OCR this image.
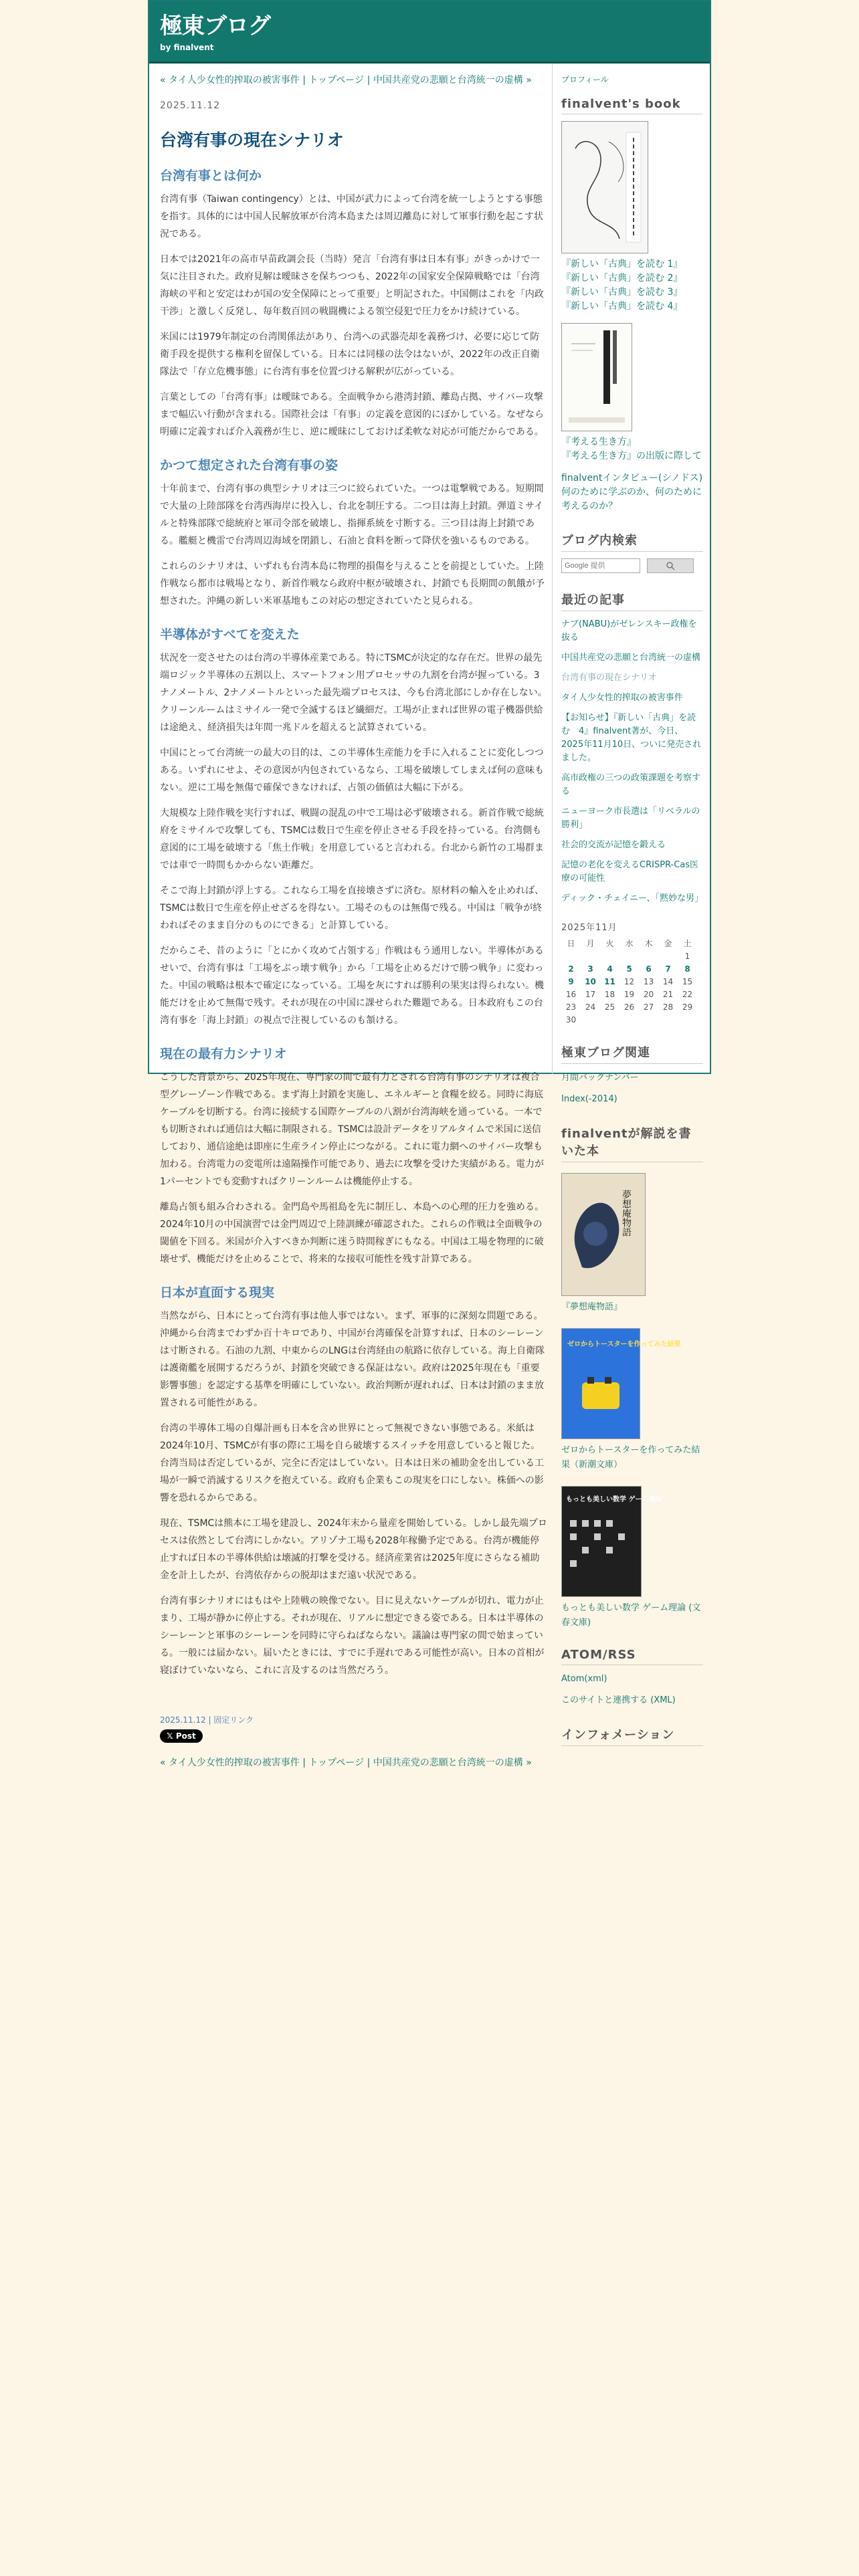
極東ブログ
by finalvent
« タイ人少女性的搾取の被害事件 | トップページ | 中国共産党の悲願と台湾統一の虚構 »
2025.11.12
台湾有事の現在シナリオ
台湾有事とは何か

台湾有事（Taiwan contingency）とは、中国が武力によって台湾を統一しようとする事態を指す。具体的には中国人民解放軍が台湾本島または周辺離島に対して軍事行動を起こす状況である。

日本では2021年の高市早苗政調会長（当時）発言「台湾有事は日本有事」がきっかけで一気に注目された。政府見解は曖昧さを保ちつつも、2022年の国家安全保障戦略では「台湾海峡の平和と安定はわが国の安全保障にとって重要」と明記された。中国側はこれを「内政干渉」と激しく反発し、毎年数百回の戦闘機による領空侵犯で圧力をかけ続けている。

米国には1979年制定の台湾関係法があり、台湾への武器売却を義務づけ、必要に応じて防衛手段を提供する権利を留保している。日本には同様の法令はないが、2022年の改正自衛隊法で「存立危機事態」に台湾有事を位置づける解釈が広がっている。

言葉としての「台湾有事」は曖昧である。全面戦争から港湾封鎖、離島占拠、サイバー攻撃まで幅広い行動が含まれる。国際社会は「有事」の定義を意図的にぼかしている。なぜなら明確に定義すれば介入義務が生じ、逆に曖昧にしておけば柔軟な対応が可能だからである。

かつて想定された台湾有事の姿

十年前まで、台湾有事の典型シナリオは三つに絞られていた。一つは電撃戦である。短期間で大量の上陸部隊を台湾西海岸に投入し、台北を制圧する。二つ目は海上封鎖。弾道ミサイルと特殊部隊で総統府と軍司令部を破壊し、指揮系統を寸断する。三つ目は海上封鎖である。艦艇と機雷で台湾周辺海域を閉鎖し、石油と食料を断って降伏を強いるものである。

これらのシナリオは、いずれも台湾本島に物理的損傷を与えることを前提としていた。上陸作戦なら都市は戦場となり、新首作戦なら政府中枢が破壊され、封鎖でも長期間の飢餓が予想された。沖縄の新しい米軍基地もこの対応の想定されていたと見られる。

半導体がすべてを変えた

状況を一変させたのは台湾の半導体産業である。特にTSMCが決定的な存在だ。世界の最先端ロジック半導体の五割以上、スマートフォン用プロセッサの九割を台湾が握っている。3ナノメートル、2ナノメートルといった最先端プロセスは、今も台湾北部にしか存在しない。クリーンルームはミサイル一発で全滅するほど繊細だ。工場が止まれば世界の電子機器供給は途絶え、経済損失は年間一兆ドルを超えると試算されている。

中国にとって台湾統一の最大の目的は、この半導体生産能力を手に入れることに変化しつつある。いずれにせよ、その意図が内包されているなら、工場を破壊してしまえば何の意味もない。逆に工場を無傷で確保できなければ、占領の価値は大幅に下がる。

大規模な上陸作戦を実行すれば、戦闘の混乱の中で工場は必ず破壊される。新首作戦で総統府をミサイルで攻撃しても、TSMCは数日で生産を停止させる手段を持っている。台湾側も意図的に工場を破壊する「焦土作戦」を用意していると言われる。台北から新竹の工場群までは車で一時間もかからない距離だ。

そこで海上封鎖が浮上する。これなら工場を直接壊さずに済む。原材料の輸入を止めれば、TSMCは数日で生産を停止せざるを得ない。工場そのものは無傷で残る。中国は「戦争が終わればそのまま自分のものにできる」と計算している。

だからこそ、昔のように「とにかく攻めて占領する」作戦はもう通用しない。半導体があるせいで、台湾有事は「工場をぶっ壊す戦争」から「工場を止めるだけで勝つ戦争」に変わった。中国の戦略は根本で確定になっている。工場を灰にすれば勝利の果実は得られない。機能だけを止めて無傷で残す。それが現在の中国に課せられた難題である。日本政府もこの台湾有事を「海上封鎖」の視点で注視しているのも頷ける。

現在の最有力シナリオ

こうした背景から、2025年現在、専門家の間で最有力とされる台湾有事のシナリオは複合型グレーゾーン作戦である。まず海上封鎖を実施し、エネルギーと食糧を絞る。同時に海底ケーブルを切断する。台湾に接続する国際ケーブルの八割が台湾海峡を通っている。一本でも切断されれば通信は大幅に制限される。TSMCは設計データをリアルタイムで米国に送信しており、通信途絶は即座に生産ライン停止につながる。これに電力網へのサイバー攻撃も加わる。台湾電力の変電所は遠隔操作可能であり、過去に攻撃を受けた実績がある。電力が1パーセントでも変動すればクリーンルームは機能停止する。

離島占領も組み合わされる。金門島や馬祖島を先に制圧し、本島への心理的圧力を強める。2024年10月の中国演習では金門周辺で上陸訓練が確認された。これらの作戦は全面戦争の閾値を下回る。米国が介入すべきか判断に迷う時間稼ぎにもなる。中国は工場を物理的に破壊せず、機能だけを止めることで、将来的な接収可能性を残す計算である。

日本が直面する現実

当然ながら、日本にとって台湾有事は他人事ではない。まず、軍事的に深刻な問題である。沖縄から台湾までわずか百十キロであり、中国が台湾確保を計算すれば、日本のシーレーンは寸断される。石油の九割、中東からのLNGは台湾経由の航路に依存している。海上自衛隊は護衛艦を展開するだろうが、封鎖を突破できる保証はない。政府は2025年現在も「重要影響事態」を認定する基準を明確にしていない。政治判断が遅れれば、日本は封鎖のまま放置される可能性がある。

台湾の半導体工場の自爆計画も日本を含め世界にとって無視できない事態である。米紙は2024年10月、TSMCが有事の際に工場を自ら破壊するスイッチを用意していると報じた。台湾当局は否定しているが、完全に否定はしていない。日本は日米の補助金を出している工場が一瞬で消滅するリスクを抱えている。政府も企業もこの現実を口にしない。株価への影響を恐れるからである。

現在、TSMCは熊本に工場を建設し、2024年末から量産を開始している。しかし最先端プロセスは依然として台湾にしかない。アリゾナ工場も2028年稼働予定である。台湾が機能停止すれば日本の半導体供給は壊滅的打撃を受ける。経済産業省は2025年度にさらなる補助金を計上したが、台湾依存からの脱却はまだ遠い状況である。

台湾有事シナリオにはもはや上陸戦の映像でない。目に見えないケーブルが切れ、電力が止まり、工場が静かに停止する。それが現在、リアルに想定できる姿である。日本は半導体のシーレーンと軍事のシーレーンを同時に守らねばならない。議論は専門家の間で始まっている。一般には届かない。届いたときには、すでに手遅れである可能性が高い。日本の首相が寝ぼけていないなら、これに言及するのは当然だろう。

2025.11.12 | 固定リンク
𝕏 Post
« タイ人少女性的搾取の被害事件 | トップページ | 中国共産党の悲願と台湾統一の虚構 »
プロフィール
finalvent's book
『新しい「古典」を読む 1』
『新しい「古典」を読む 2』
『新しい「古典」を読む 3』
『新しい「古典」を読む 4』
『考える生き方』
『考える生き方』の出版に際して
finalventインタビュー(シノドス) 何のために学ぶのか、何のために考えるのか？
ブログ内検索
Google 提供
最近の記事
ナブ(NABU)がゼレンスキー政権を抜る
中国共産党の悲願と台湾統一の虚構
台湾有事の現在シナリオ
タイ人少女性的搾取の被害事件
【お知らせ】『新しい「古典」を読む　4』finalvent著が、今日、2025年11月10日、ついに発売されました。
高市政権の三つの政策課題を考察する
ニューヨーク市長選は「リベラルの勝利」
社会的交流が記憶を鍛える
記憶の老化を変えるCRISPR-Cas医療の可能性
ディック・チェイニー、「黙妙な男」
2025年11月
日	月	火	水	木	金	土
						1
2	3	4	5	6	7	8
9	10	11	12	13	14	15
16	17	18	19	20	21	22
23	24	25	26	27	28	29
30						
極東ブログ関連
月間バックナンバー
Index(-2014)
finalventが解説を書いた本
夢想庵物語
『夢想庵物語』
ゼロからトースターを作ってみた結果
ゼロからトースターを作ってみた結果（新潮文庫）
もっとも美しい数学 ゲーム理論
もっとも美しい数学 ゲーム理論 (文春文庫)
ATOM/RSS
Atom(xml)
このサイトと連携する (XML)
インフォメーション
